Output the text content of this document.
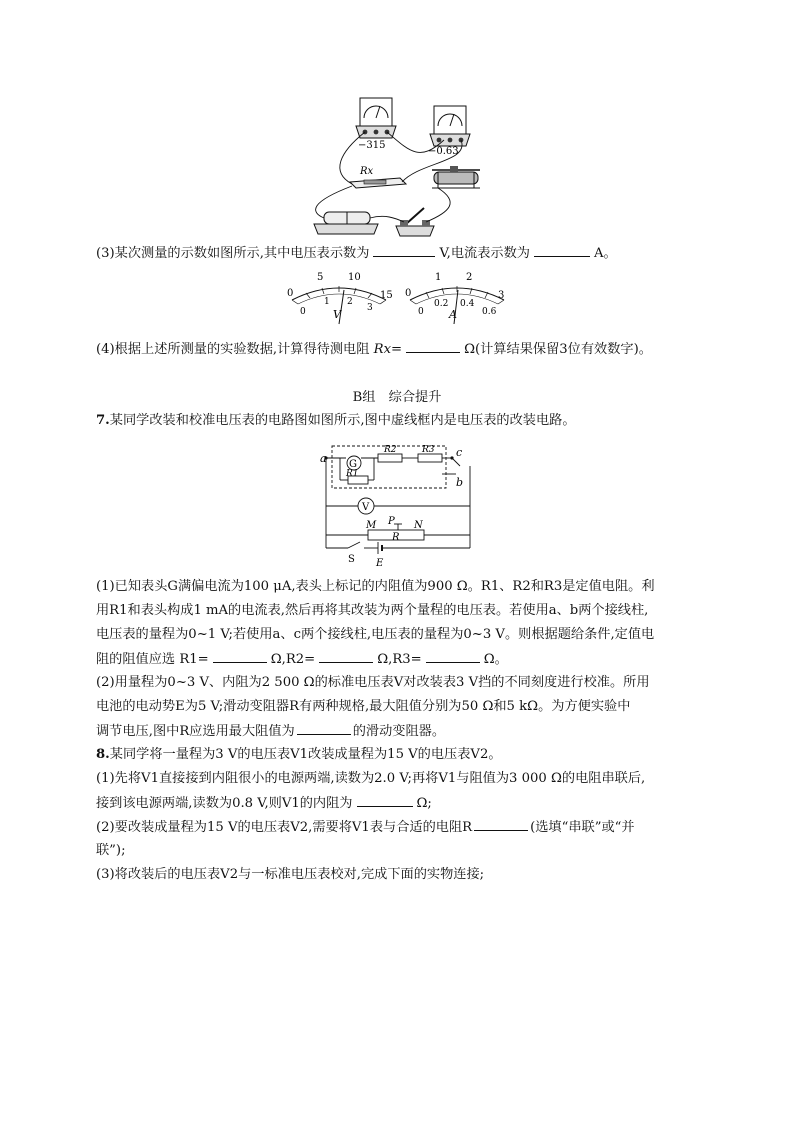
−315
−0.63
Rx
(3)某次测量的示数如图所示,其中电压表示数为	V,电流表示数为	A。
0
5 10
15
0
1 2
3
V
0
1 2
3
0
0.2 0.4
0.6
A
(4)根据上述所测量的实验数据,计算得待测电阻 Rx=	Ω(计算结果保留3位有效数字)。
B组　综合提升
7.某同学改装和校准电压表的电路图如图所示,图中虚线框内是电压表的改装电路。
a G
R2	R3
R1
c
b
V
M P N
R
S E
(1)已知表头G满偏电流为100 μA,表头上标记的内阻值为900 Ω。R1、R2和R3是定值电阻。利
用R1和表头构成1 mA的电流表,然后再将其改装为两个量程的电压表。若使用a、b两个接线柱,
电压表的量程为0~1 V;若使用a、c两个接线柱,电压表的量程为0~3 V。则根据题给条件,定值电
阻的阻值应选 R1=	Ω,R2=	Ω,R3=	Ω。
(2)用量程为0~3 V、内阻为2 500 Ω的标准电压表V对改装表3 V挡的不同刻度进行校准。所用
电池的电动势E为5 V;滑动变阻器R有两种规格,最大阻值分别为50 Ω和5 kΩ。为方便实验中
调节电压,图中R应选用最大阻值为	的滑动变阻器。
8.某同学将一量程为3 V的电压表V1改装成量程为15 V的电压表V2。
(1)先将V1直接接到内阻很小的电源两端,读数为2.0 V;再将V1与阻值为3 000 Ω的电阻串联后,
接到该电源两端,读数为0.8 V,则V1的内阻为	Ω;
(2)要改装成量程为15 V的电压表V2,需要将V1表与合适的电阻R	(选填“串联”或“并
联”);
(3)将改装后的电压表V2与一标准电压表校对,完成下面的实物连接;
